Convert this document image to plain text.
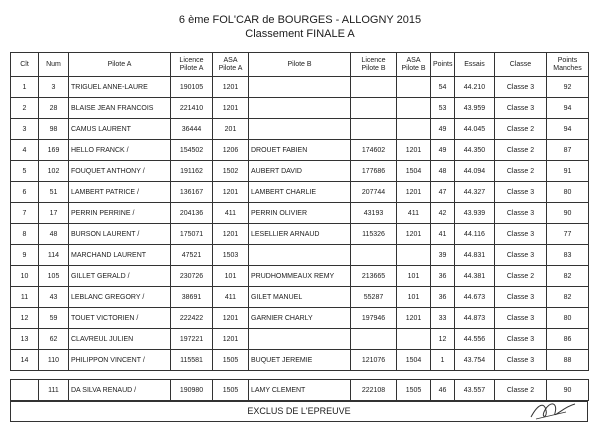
6 ème FOL'CAR de BOURGES - ALLOGNY 2015
Classement FINALE A
Clt	Num	Pilote A	Licence Pilote A	ASA Pilote A	Pilote B	Licence Pilote B	ASA Pilote B	Points	Essais	Classe	Points Manches
1	3	TRIGUEL ANNE-LAURE	190105	1201				54	44.210	Classe 3	92
2	28	BLAISE JEAN FRANCOIS	221410	1201				53	43.959	Classe 3	94
3	98	CAMUS LAURENT	36444	201				49	44.045	Classe 2	94
4	169	HELLO FRANCK /	154502	1206	DROUET FABIEN	174602	1201	49	44.350	Classe 2	87
5	102	FOUQUET ANTHONY /	191162	1502	AUBERT DAVID	177686	1504	48	44.094	Classe 2	91
6	51	LAMBERT PATRICE /	136167	1201	LAMBERT CHARLIE	207744	1201	47	44.327	Classe 3	80
7	17	PERRIN PERRINE /	204136	411	PERRIN OLIVIER	43193	411	42	43.939	Classe 3	90
8	48	BURSON LAURENT /	175071	1201	LESELLIER ARNAUD	115326	1201	41	44.116	Classe 3	77
9	114	MARCHAND LAURENT	47521	1503				39	44.831	Classe 3	83
10	105	GILLET GERALD /	230726	101	PRUDHOMMEAUX REMY	213665	101	36	44.381	Classe 2	82
11	43	LEBLANC GREGORY /	38691	411	GILET MANUEL	55287	101	36	44.673	Classe 3	82
12	59	TOUET VICTORIEN /	222422	1201	GARNIER CHARLY	197946	1201	33	44.873	Classe 3	80
13	62	CLAVREUL JULIEN	197221	1201				12	44.556	Classe 3	86
14	110	PHILIPPON VINCENT /	115581	1505	BUQUET JEREMIE	121076	1504	1	43.754	Classe 3	88
	111	DA SILVA RENAUD /	190980	1505	LAMY CLEMENT	222108	1505	46	43.557	Classe 2	90
EXCLUS DE L'EPREUVE
